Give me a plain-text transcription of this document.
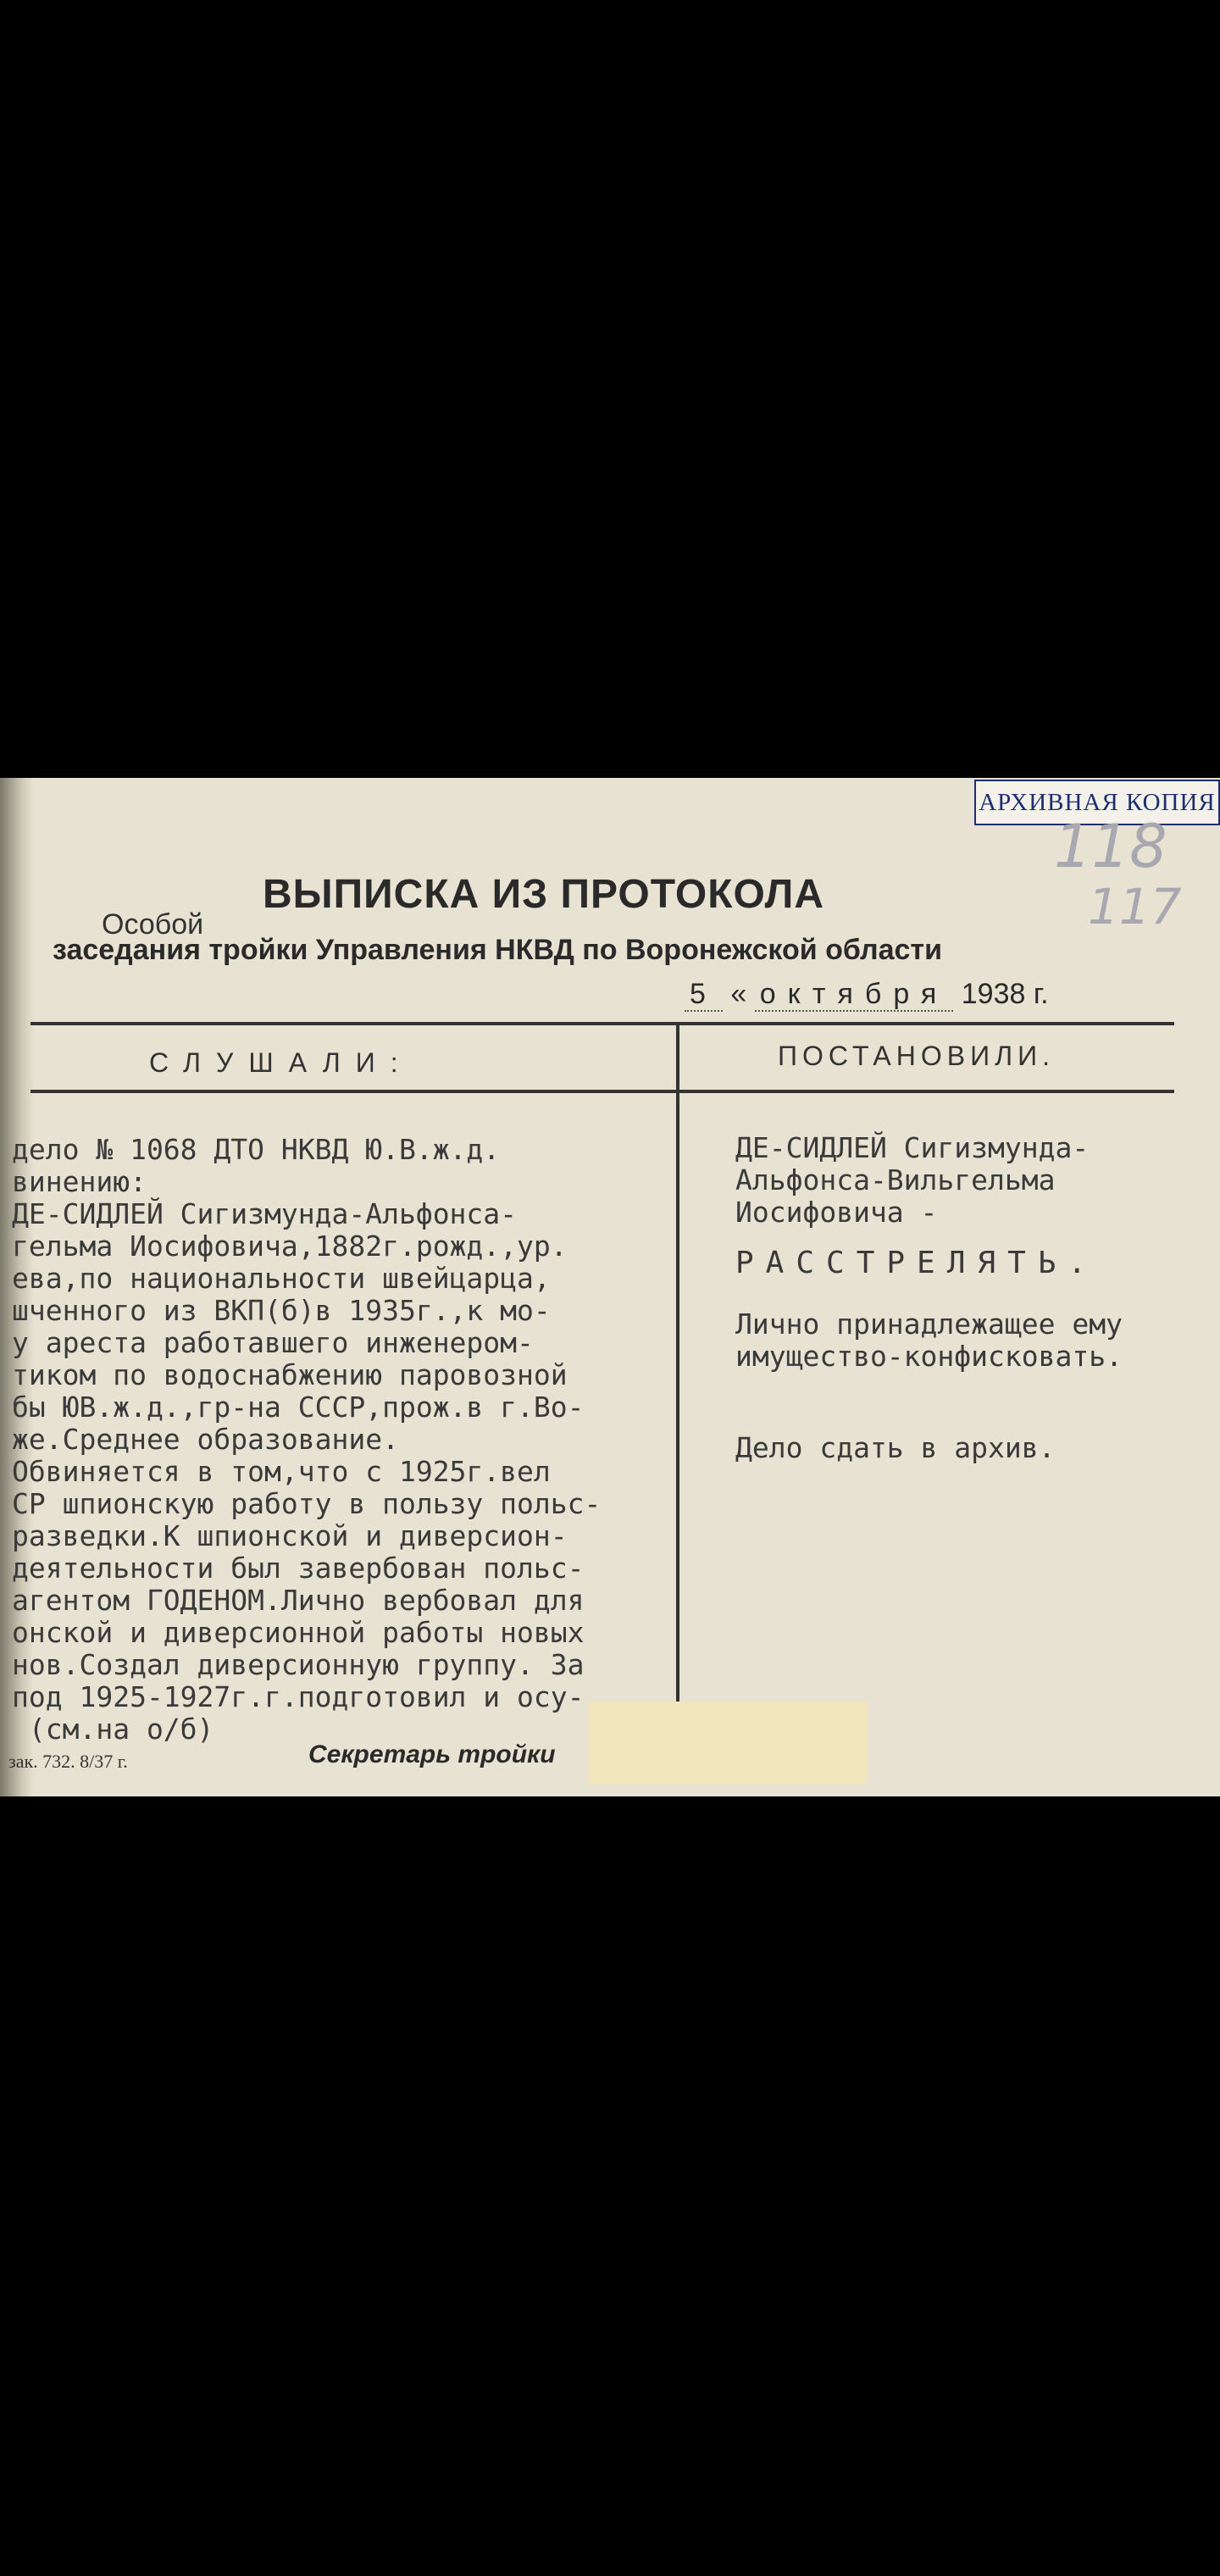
АРХИВНАЯ КОПИЯ
118
117
ВЫПИСКА ИЗ ПРОТОКОЛА
Особой
заседания тройки Управления НКВД по Воронежской области
5 « октября 1938 г.
СЛУШАЛИ:	ПОСТАНОВИЛИ.
дело № 1068 ДТО НКВД Ю.В.ж.д.
винению:
ДЕ-СИДЛЕЙ Сигизмунда-Альфонса-
гельма Иосифовича,1882г.рожд.,ур.
ева,по национальности швейцарца,
шченного из ВКП(б)в 1935г.,к мо-
у ареста работавшего инженером-
тиком по водоснабжению паровозной
бы ЮВ.ж.д.,гр-на СССР,прож.в г.Во-
же.Среднее образование.
Обвиняется в том,что с 1925г.вел
СР шпионскую работу в пользу польс-
разведки.К шпионской и диверсион-
деятельности был завербован польс-
агентом ГОДЕНОМ.Лично вербовал для
онской и диверсионной работы новых
нов.Создал диверсионную группу. За
под 1925-1927г.г.подготовил и осу-
(см.на о/б)
ДЕ-СИДЛЕЙ Сигизмунда-
Альфонса-Вильгельма
Иосифовича -
РАССТРЕЛЯТЬ.
Лично принадлежащее ему
имущество-конфисковать.
Дело сдать в архив.
зак. 732. 8/37 г.	Секретарь тройки
